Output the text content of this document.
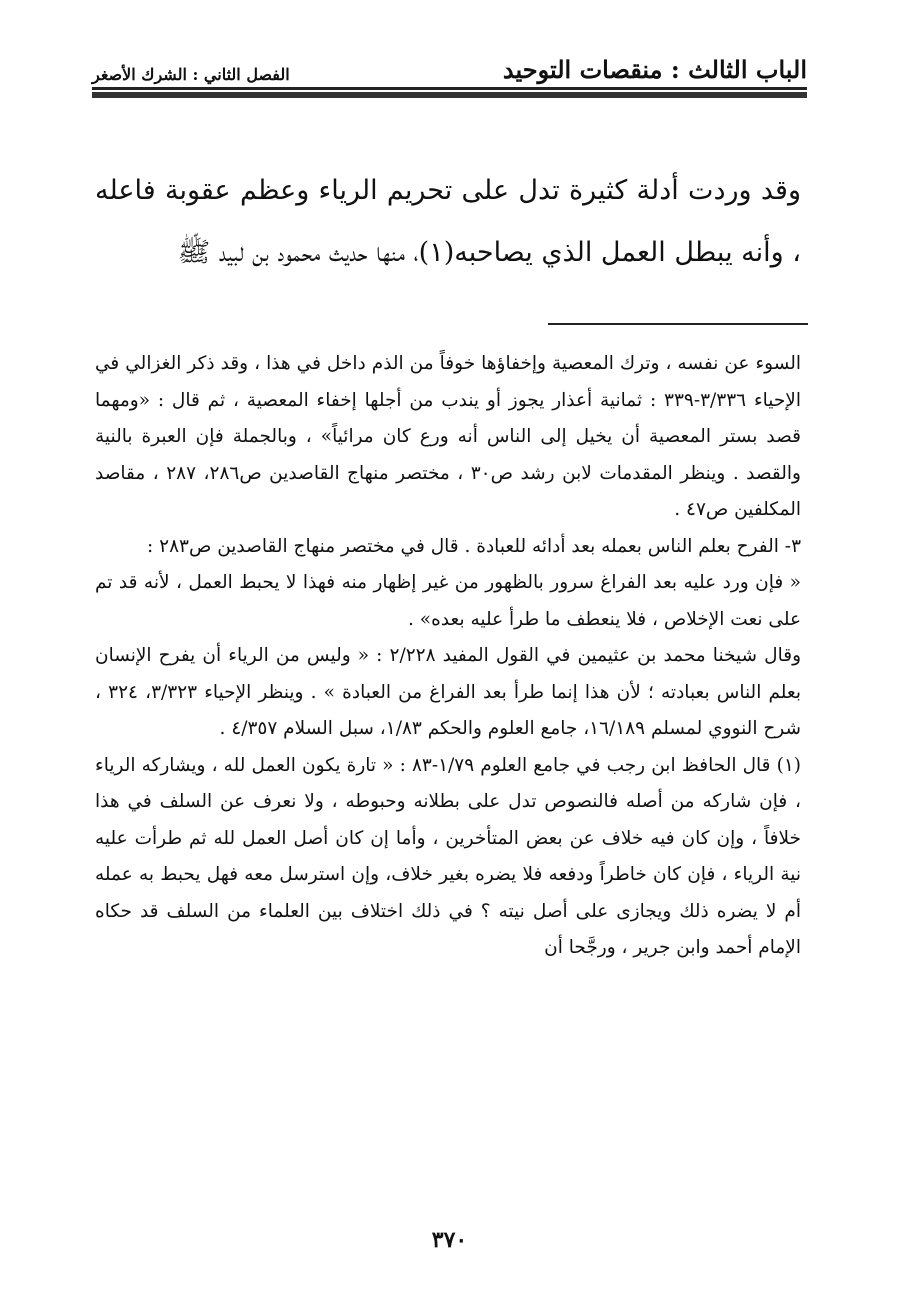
الباب الثالث : منقصات التوحيد
الفصل الثاني : الشرك الأصغر

وقد وردت أدلة كثيرة تدل على تحريم الرياء وعظم عقوبة فاعله ، وأنه يبطل العمل الذي يصاحبه(١)، منها حديث محمود بن لبيد ﷺ

السوء عن نفسه ، وترك المعصية وإخفاؤها خوفاً من الذم داخل في هذا ، وقد ذكر الغزالي في الإحياء ٣/٣٣٦-٣٣٩ : ثمانية أعذار يجوز أو يندب من أجلها إخفاء المعصية ، ثم قال : «ومهما قصد بستر المعصية أن يخيل إلى الناس أنه ورع كان مرائياً» ، وبالجملة فإن العبرة بالنية والقصد . وينظر المقدمات لابن رشد ص٣٠ ، مختصر منهاج القاصدين ص٢٨٦، ٢٨٧ ، مقاصد المكلفين ص٤٧ .

٣- الفرح بعلم الناس بعمله بعد أدائه للعبادة . قال في مختصر منهاج القاصدين ص٢٨٣ :

« فإن ورد عليه بعد الفراغ سرور بالظهور من غير إظهار منه فهذا لا يحبط العمل ، لأنه قد تم على نعت الإخلاص ، فلا ينعطف ما طرأ عليه بعده» .

وقال شيخنا محمد بن عثيمين في القول المفيد ٢/٢٢٨ : « وليس من الرياء أن يفرح الإنسان بعلم الناس بعبادته ؛ لأن هذا إنما طرأ بعد الفراغ من العبادة » . وينظر الإحياء ٣/٣٢٣، ٣٢٤ ، شرح النووي لمسلم ١٦/١٨٩، جامع العلوم والحكم ١/٨٣، سبل السلام ٤/٣٥٧ .

(١) قال الحافظ ابن رجب في جامع العلوم ١/٧٩-٨٣ : « تارة يكون العمل لله ، ويشاركه الرياء ، فإن شاركه من أصله فالنصوص تدل على بطلانه وحبوطه ، ولا نعرف عن السلف في هذا خلافاً ، وإن كان فيه خلاف عن بعض المتأخرين ، وأما إن كان أصل العمل لله ثم طرأت عليه نية الرياء ، فإن كان خاطراً ودفعه فلا يضره بغير خلاف، وإن استرسل معه فهل يحبط به عمله أم لا يضره ذلك ويجازى على أصل نيته ؟ في ذلك اختلاف بين العلماء من السلف قد حكاه الإمام أحمد وابن جرير ، ورجَّحا أن

٣٧٠
